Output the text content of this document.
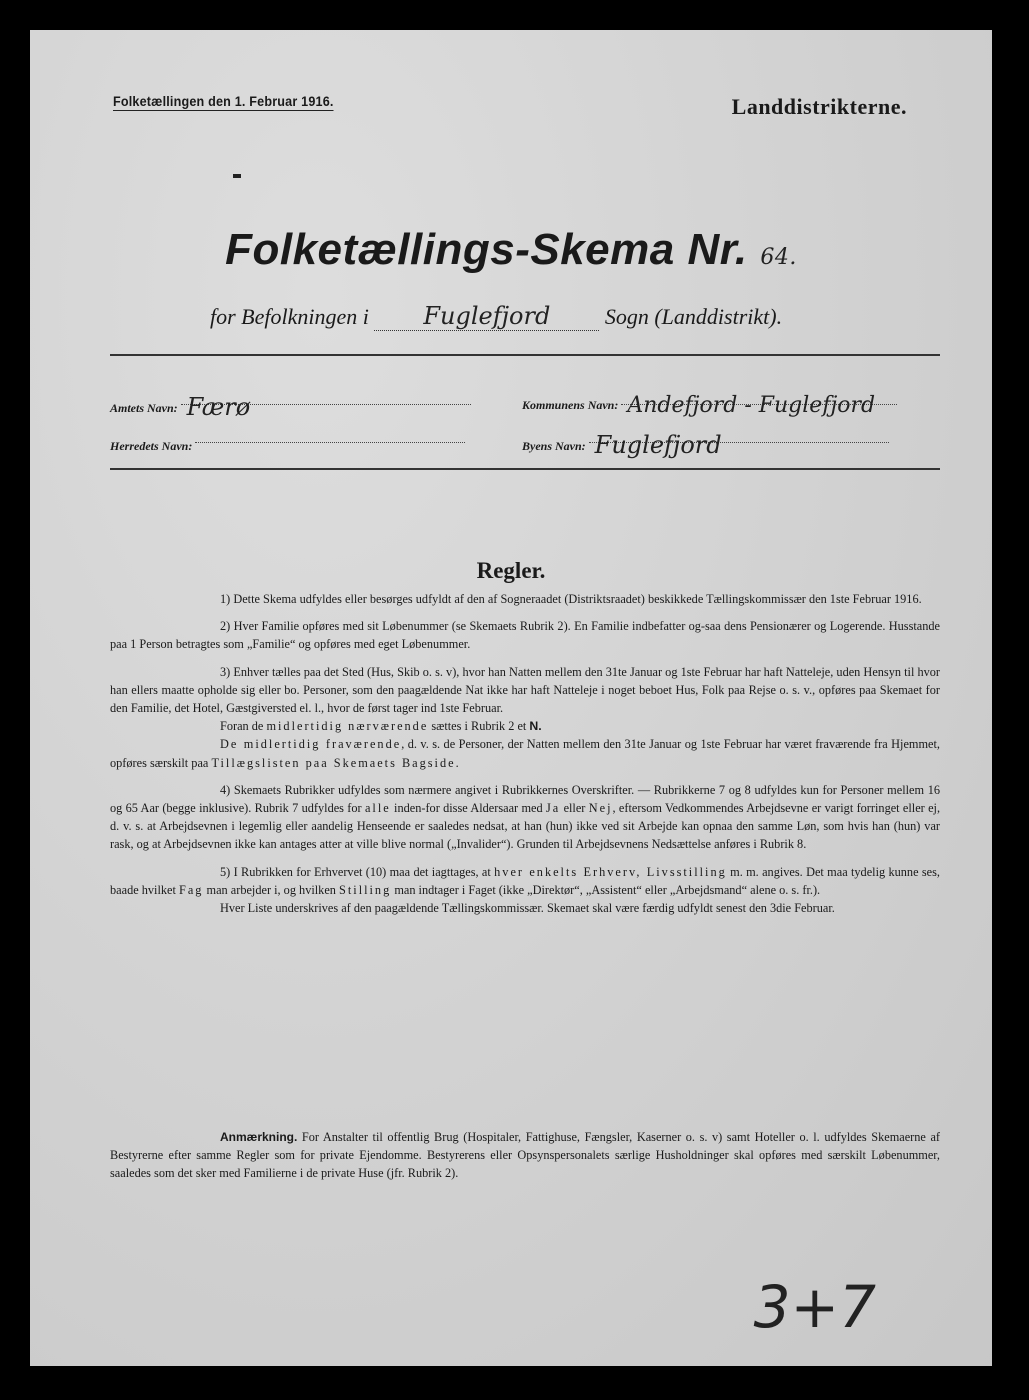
Folketællingen den 1. Februar 1916.	Landdistrikterne.
Folketællings-Skema Nr. 64.
for Befolkningen i Fuglefjord Sogn (Landdistrikt).
Amtets Navn: Færø	Kommunens Navn: Andefjord - Fuglefjord
Herredets Navn:	Byens Navn: Fuglefjord
Regler.

1) Dette Skema udfyldes eller besørges udfyldt af den af Sogneraadet (Distriktsraadet) beskikkede Tællingskommissær den 1ste Februar 1916.

2) Hver Familie opføres med sit Løbenummer (se Skemaets Rubrik 2). En Familie indbefatter og-saa dens Pensionærer og Logerende. Husstande paa 1 Person betragtes som „Familie“ og opføres med eget Løbenummer.

3) Enhver tælles paa det Sted (Hus, Skib o. s. v), hvor han Natten mellem den 31te Januar og 1ste Februar har haft Natteleje, uden Hensyn til hvor han ellers maatte opholde sig eller bo. Personer, som den paagældende Nat ikke har haft Natteleje i noget beboet Hus, Folk paa Rejse o. s. v., opføres paa Skemaet for den Familie, det Hotel, Gæstgiversted el. l., hvor de først tager ind 1ste Februar.

Foran de midlertidig nærværende sættes i Rubrik 2 et N.

De midlertidig fraværende, d. v. s. de Personer, der Natten mellem den 31te Januar og 1ste Februar har været fraværende fra Hjemmet, opføres særskilt paa Tillægslisten paa Skemaets Bagside.

4) Skemaets Rubrikker udfyldes som nærmere angivet i Rubrikkernes Overskrifter. — Rubrikkerne 7 og 8 udfyldes kun for Personer mellem 16 og 65 Aar (begge inklusive). Rubrik 7 udfyldes for alle inden-for disse Aldersaar med Ja eller Nej, eftersom Vedkommendes Arbejdsevne er varigt forringet eller ej, d. v. s. at Arbejdsevnen i legemlig eller aandelig Henseende er saaledes nedsat, at han (hun) ikke ved sit Arbejde kan opnaa den samme Løn, som hvis han (hun) var rask, og at Arbejdsevnen ikke kan antages atter at ville blive normal („Invalider“). Grunden til Arbejdsevnens Nedsættelse anføres i Rubrik 8.

5) I Rubrikken for Erhvervet (10) maa det iagttages, at hver enkelts Erhverv, Livsstilling m. m. angives. Det maa tydelig kunne ses, baade hvilket Fag man arbejder i, og hvilken Stilling man indtager i Faget (ikke „Direktør“, „Assistent“ eller „Arbejdsmand“ alene o. s. fr.).

Hver Liste underskrives af den paagældende Tællingskommissær. Skemaet skal være færdig udfyldt senest den 3die Februar.

Anmærkning. For Anstalter til offentlig Brug (Hospitaler, Fattighuse, Fængsler, Kaserner o. s. v) samt Hoteller o. l. udfyldes Skemaerne af Bestyrerne efter samme Regler som for private Ejendomme. Bestyrerens eller Opsynspersonalets særlige Husholdninger skal opføres med særskilt Løbenummer, saaledes som det sker med Familierne i de private Huse (jfr. Rubrik 2).
3+7
